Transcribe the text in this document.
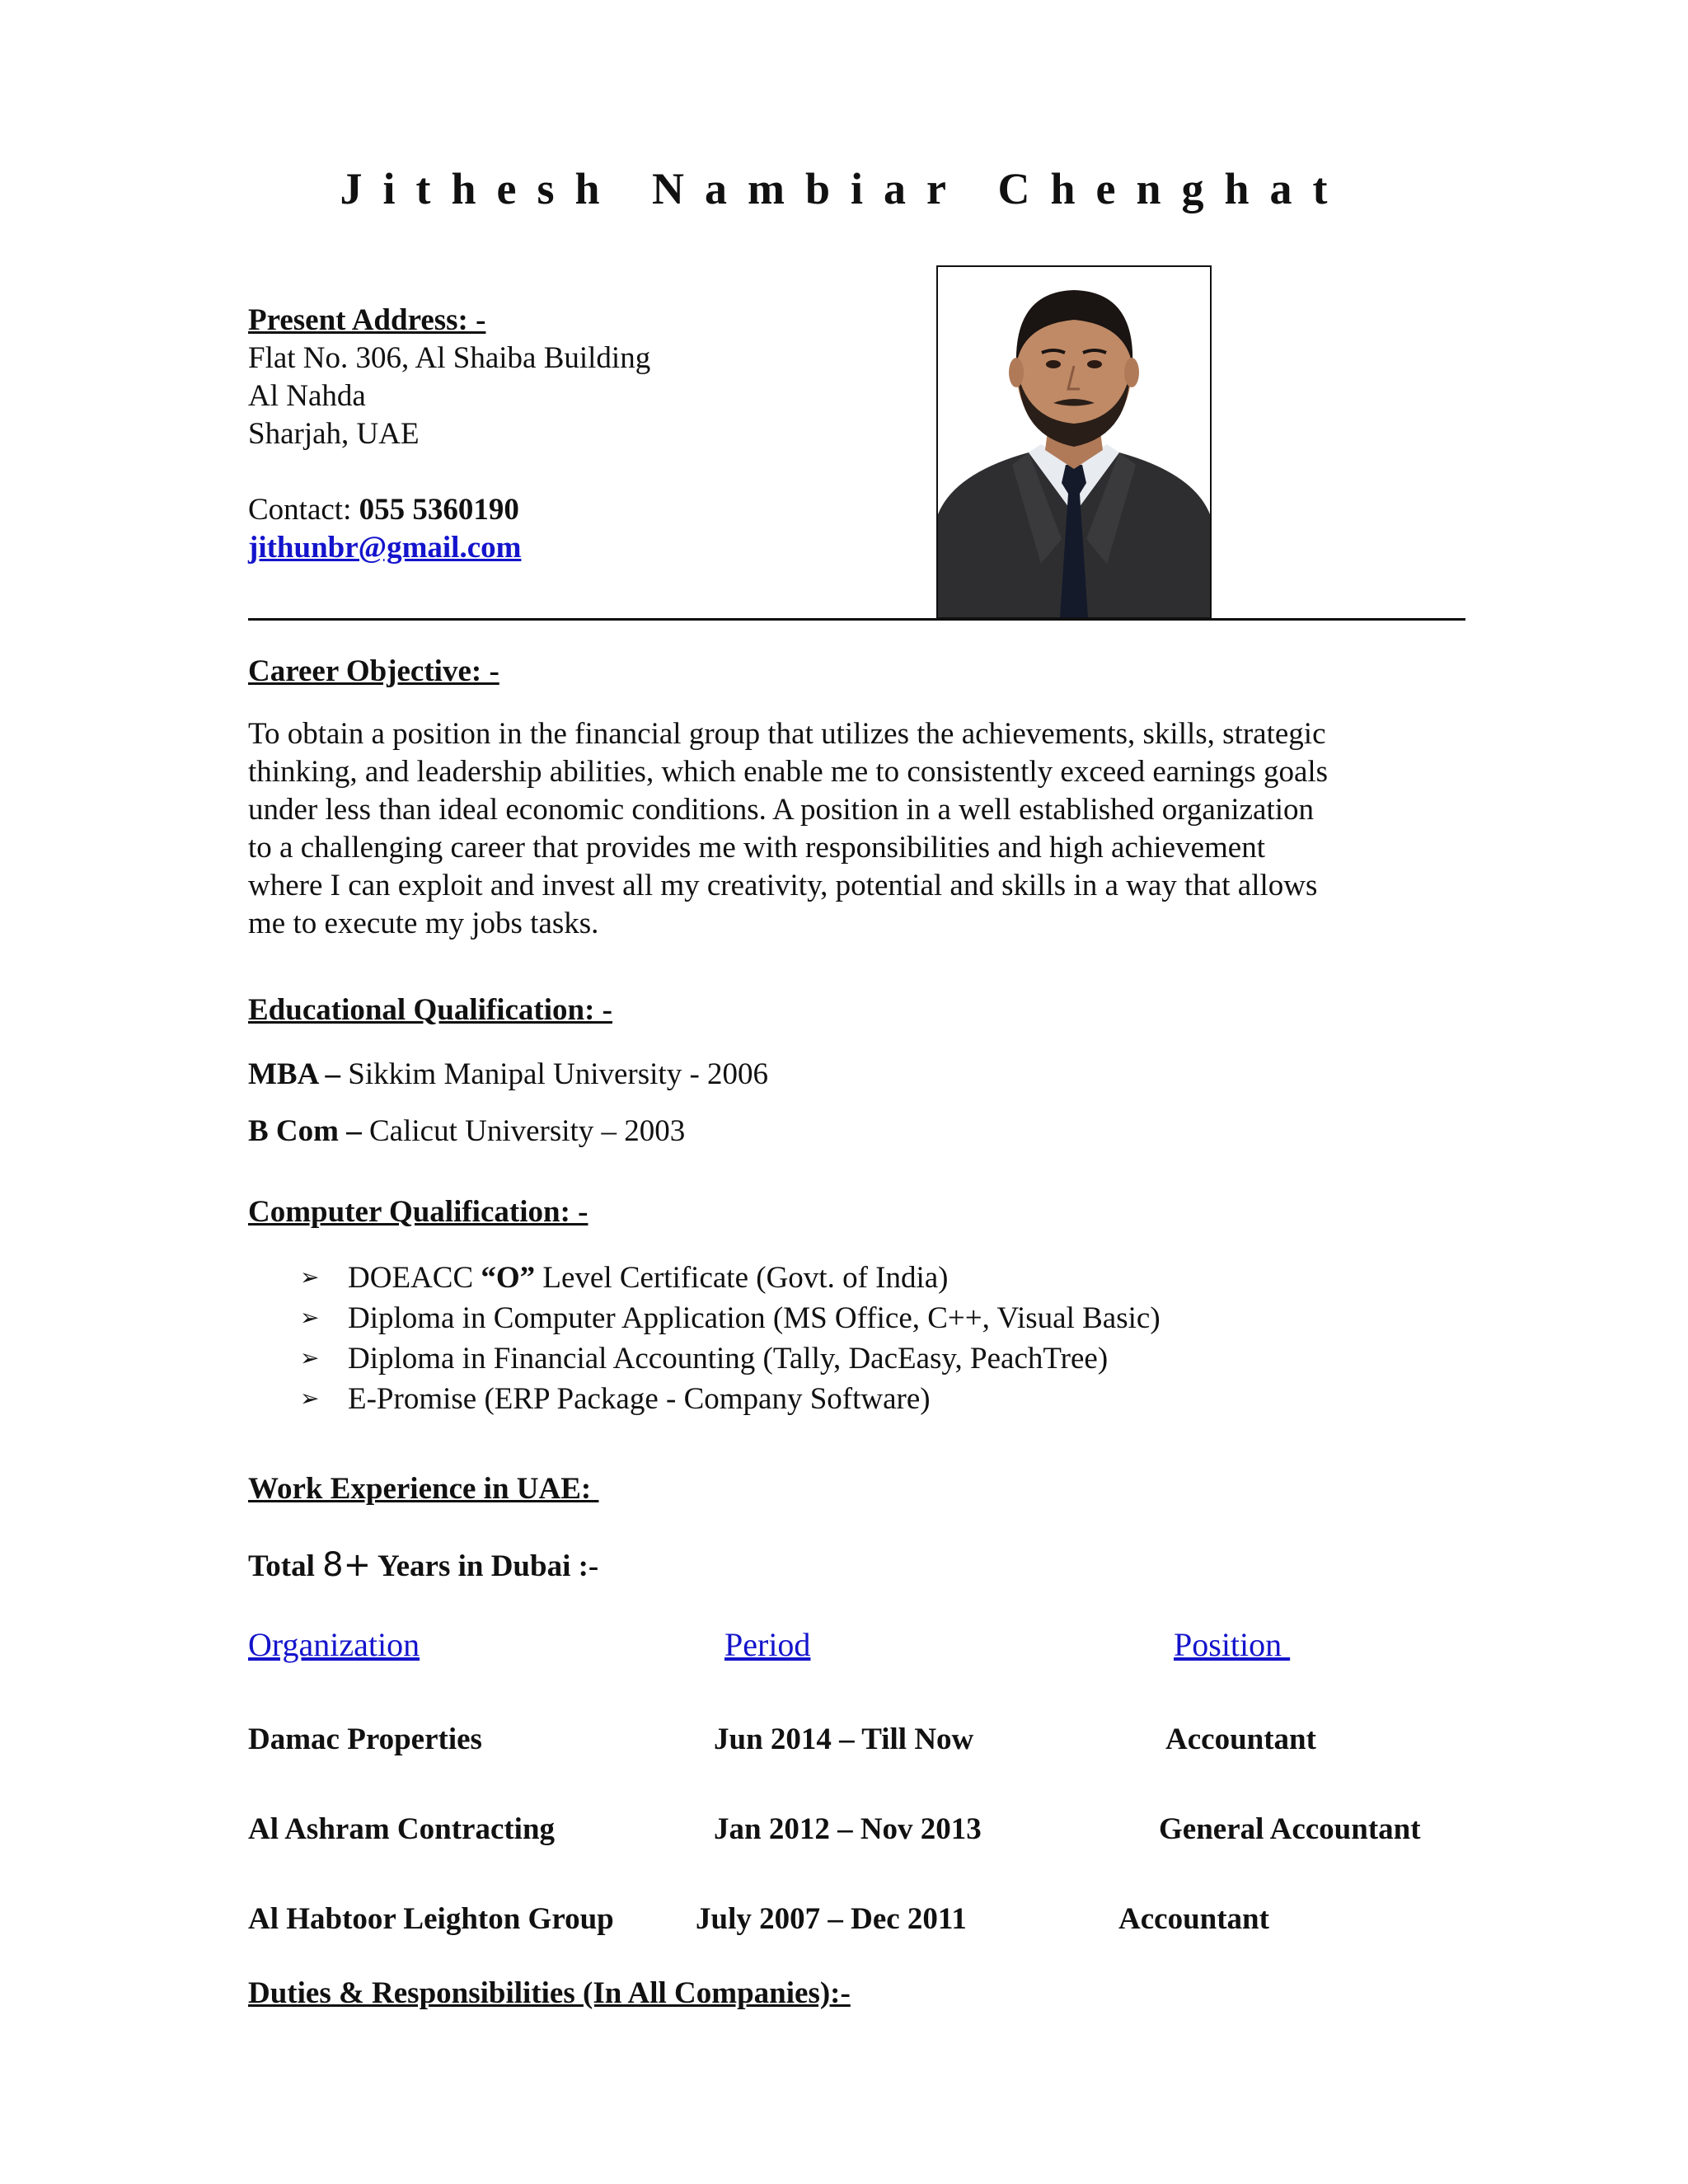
Jithesh Nambiar Chenghat
Present Address: -
Flat No. 306, Al Shaiba Building
Al Nahda
Sharjah, UAE
Contact: 055 5360190
jithunbr@gmail.com
Career Objective: -
To obtain a position in the financial group that utilizes the achievements, skills, strategic
thinking, and leadership abilities, which enable me to consistently exceed earnings goals
under less than ideal economic conditions. A position in a well established organization
to a challenging career that provides me with responsibilities and high achievement
where I can exploit and invest all my creativity, potential and skills in a way that allows
me to execute my jobs tasks.
Educational Qualification: -
MBA – Sikkim Manipal University - 2006
B Com – Calicut University – 2003
Computer Qualification: -
➢ DOEACC “O” Level Certificate (Govt. of India)
➢ Diploma in Computer Application (MS Office, C++, Visual Basic)
➢ Diploma in Financial Accounting (Tally, DacEasy, PeachTree)
➢ E-Promise (ERP Package - Company Software)
Work Experience in UAE:
Total 8+ Years in Dubai :-
Organization	Period	Position
Damac Properties	Jun 2014 – Till Now	Accountant
Al Ashram Contracting	Jan 2012 – Nov 2013	General Accountant
Al Habtoor Leighton Group	July 2007 – Dec 2011	Accountant
Duties & Responsibilities (In All Companies):-
